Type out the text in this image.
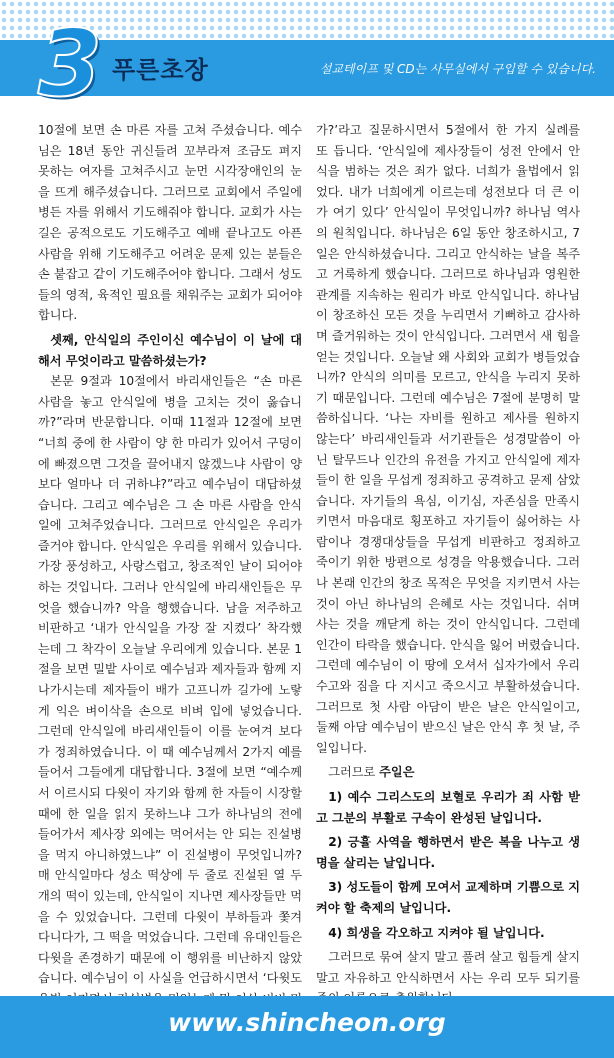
3 푸른초장	설교테이프 및 CD는 사무실에서 구입할 수 있습니다.

10절에 보면 손 마른 자를 고쳐 주셨습니다. 예수님은 18년 동안 귀신들려 꼬부라져 조금도 펴지 못하는 여자를 고쳐주시고 눈먼 시각장애인의 눈을 뜨게 해주셨습니다. 그러므로 교회에서 주일에 병든 자를 위해서 기도해줘야 합니다. 교회가 사는 길은 공적으로도 기도해주고 예배 끝나고도 아픈 사람을 위해 기도해주고 어려운 문제 있는 분들은 손 붙잡고 같이 기도해주어야 합니다. 그래서 성도들의 영적, 육적인 필요를 채워주는 교회가 되어야 합니다.

셋째, 안식일의 주인이신 예수님이 이 날에 대해서 무엇이라고 말씀하셨는가?

본문 9절과 10절에서 바리새인들은 “손 마른 사람을 놓고 안식일에 병을 고치는 것이 옳습니까?”라며 반문합니다. 이때 11절과 12절에 보면 “너희 중에 한 사람이 양 한 마리가 있어서 구덩이에 빠졌으면 그것을 끌어내지 않겠느냐 사람이 양보다 얼마나 더 귀하냐?”라고 예수님이 대답하셨습니다. 그리고 예수님은 그 손 마른 사람을 안식일에 고쳐주었습니다. 그러므로 안식일은 우리가 즐거야 합니다. 안식일은 우리를 위해서 있습니다. 가장 풍성하고, 사랑스럽고, 창조적인 날이 되어야 하는 것입니다. 그러나 안식일에 바리새인들은 무엇을 했습니까? 악을 행했습니다. 남을 저주하고 비판하고 ‘내가 안식일을 가장 잘 지켰다’ 착각했는데 그 착각이 오늘날 우리에게 있습니다. 본문 1절을 보면 밀밭 사이로 예수님과 제자들과 함께 지나가시는데 제자들이 배가 고프니까 길가에 노랗게 익은 벼이삭을 손으로 비벼 입에 넣었습니다. 그런데 안식일에 바리새인들이 이를 눈여겨 보다가 정죄하였습니다. 이 때 예수님께서 2가지 예를 들어서 그들에게 대답합니다. 3절에 보면 “예수께서 이르시되 다윗이 자기와 함께 한 자들이 시장할 때에 한 일을 읽지 못하느냐 그가 하나님의 전에 들어가서 제사장 외에는 먹어서는 안 되는 진설병을 먹지 아니하였느냐” 이 진설병이 무엇입니까? 매 안식일마다 성소 떡상에 두 줄로 진설된 열 두 개의 떡이 있는데, 안식일이 지나면 제사장들만 먹을 수 있었습니다. 그런데 다윗이 부하들과 쫓겨 다니다가, 그 떡을 먹었습니다. 그런데 유대인들은 다윗을 존경하기 때문에 이 행위를 비난하지 않았습니다. 예수님이 이 사실을 언급하시면서 ‘다윗도

가?’라고 질문하시면서 5절에서 한 가지 실례를 또 듭니다. ‘안식일에 제사장들이 성전 안에서 안식을 범하는 것은 죄가 없다. 너희가 율법에서 읽었다. 내가 너희에게 이르는데 성전보다 더 큰 이가 여기 있다’ 안식일이 무엇입니까? 하나님 역사의 원칙입니다. 하나님은 6일 동안 창조하시고, 7일은 안식하셨습니다. 그리고 안식하는 날을 복주고 거룩하게 했습니다. 그러므로 하나님과 영원한 관계를 지속하는 원리가 바로 안식입니다. 하나님이 창조하신 모든 것을 누리면서 기뻐하고 감사하며 즐거워하는 것이 안식입니다. 그러면서 새 힘을 얻는 것입니다. 오늘날 왜 사회와 교회가 병들었습니까? 안식의 의미를 모르고, 안식을 누리지 못하기 때문입니다. 그런데 예수님은 7절에 분명히 말씀하십니다. ‘나는 자비를 원하고 제사를 원하지 않는다’ 바리새인들과 서기관들은 성경말씀이 아닌 탈무드나 인간의 유전을 가지고 안식일에 제자들이 한 일을 무섭게 정죄하고 공격하고 문제 삼았습니다. 자기들의 욕심, 이기심, 자존심을 만족시키면서 마음대로 횡포하고 자기들이 싫어하는 사람이나 경쟁대상들을 무섭게 비판하고 정죄하고 죽이기 위한 방편으로 성경을 악용했습니다. 그러나 본래 인간의 창조 목적은 무엇을 지키면서 사는 것이 아닌 하나님의 은혜로 사는 것입니다. 쉬며 사는 것을 깨닫게 하는 것이 안식입니다. 그런데 인간이 타락을 했습니다. 안식을 잃어 버렸습니다. 그런데 예수님이 이 땅에 오셔서 십자가에서 우리 수고와 짐을 다 지시고 죽으시고 부활하셨습니다. 그러므로 첫 사람 아담이 받은 날은 안식일이고, 둘째 아담 예수님이 받으신 날은 안식 후 첫 날, 주일입니다.

그러므로 주일은

1) 예수 그리스도의 보혈로 우리가 죄 사함 받고 그분의 부활로 구속이 완성된 날입니다.

2) 긍휼 사역을 행하면서 받은 복을 나누고 생명을 살리는 날입니다.

3) 성도들이 함께 모여서 교제하며 기쁨으로 지켜야 할 축제의 날입니다.

4) 희생을 각오하고 지켜야 될 날입니다.

그러므로 묶여 살지 말고 풀려 살고 힘들게 살지 말고 자유하고 안식하면서 사는 우리 모두 되기를

www.shincheon.org
